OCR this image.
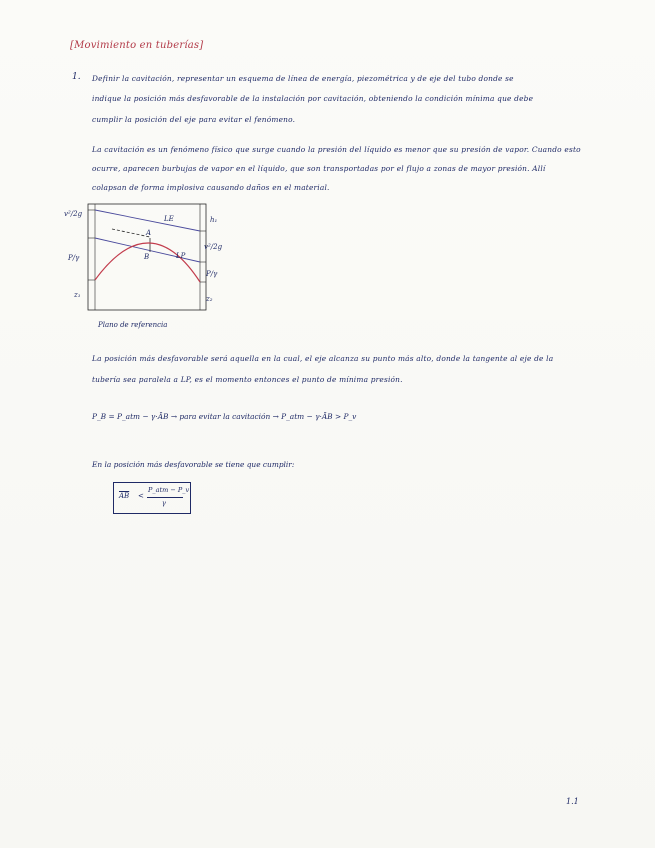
[Movimiento en tuberías]
1. Definir la cavitación, representar un esquema de línea de energía, piezométrica y de eje del tubo donde se
indique la posición más desfavorable de la instalación por cavitación, obteniendo la condición mínima que debe
cumplir la posición del eje para evitar el fenómeno.
La cavitación es un fenómeno físico que surge cuando la presión del líquido es menor que su presión de vapor. Cuando esto
ocurre, aparecen burbujas de vapor en el líquido, que son transportadas por el flujo a zonas de mayor presión. Allí
colapsan de forma implosiva causando daños en el material.
v²/2g
P/γ
z₁
h₁
v²/2g
P/γ
z₂
LE
LP
A
B
Plano de referencia
La posición más desfavorable será aquella en la cual, el eje alcanza su punto más alto, donde la tangente al eje de la
tubería sea paralela a LP, es el momento entonces el punto de mínima presión.
P_B = P_atm − γ·ĀB → para evitar la cavitación → P_atm − γ·ĀB > P_v
En la posición más desfavorable se tiene que cumplir:
$\overline{ĀB}$ <
P_atm − P_v
γ
1.1
